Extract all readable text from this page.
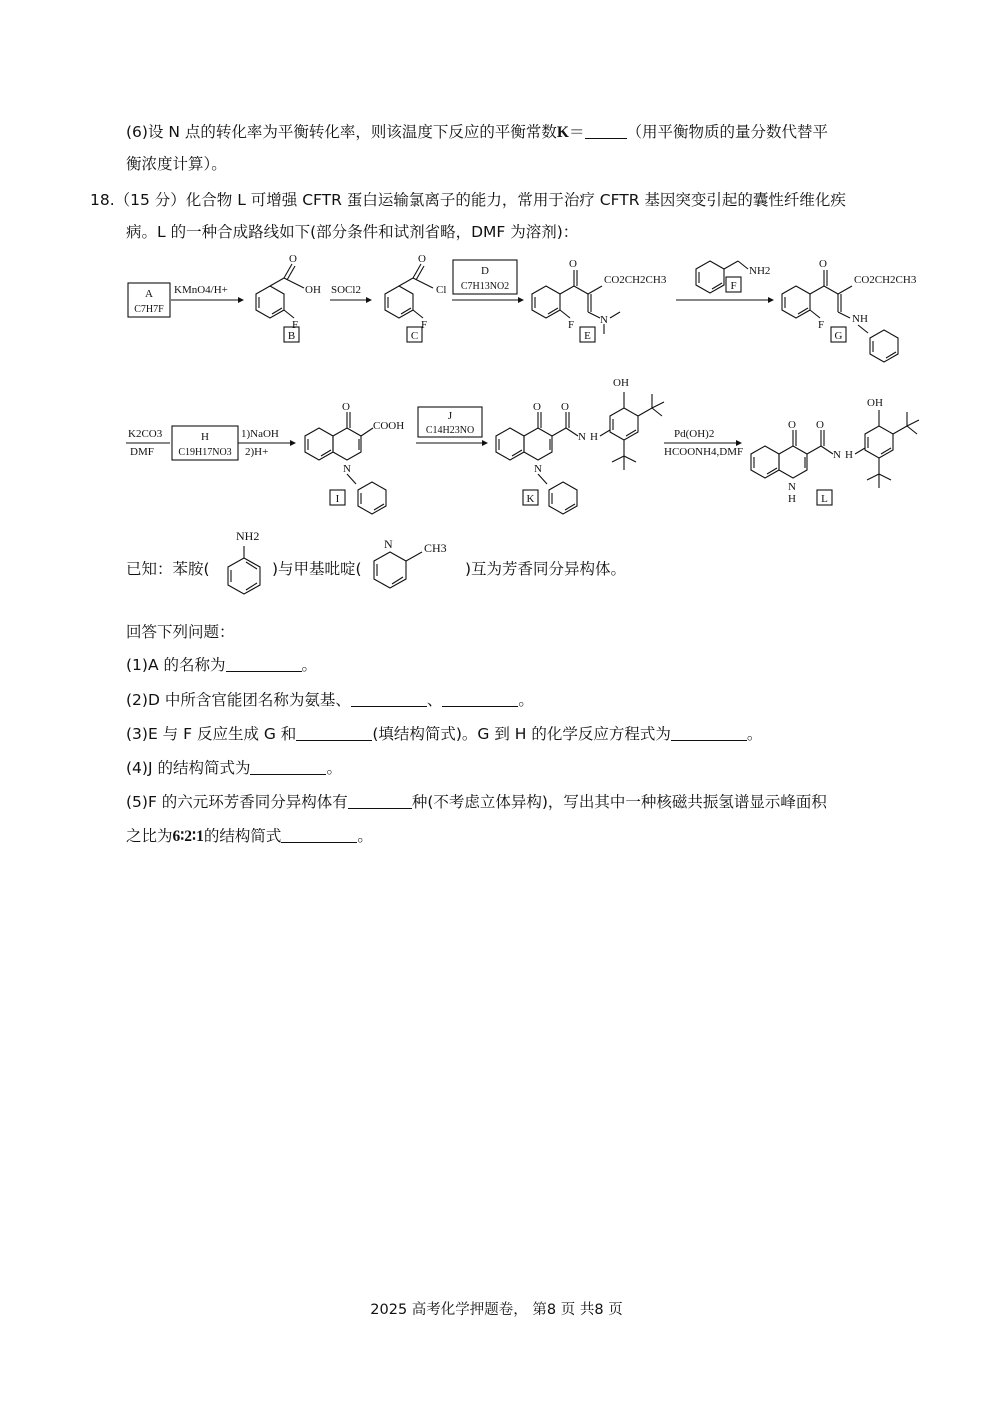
(6)设 N 点的转化率为平衡转化率，则该温度下反应的平衡常数K＝	（用平衡物质的量分数代替平
衡浓度计算）。
18.（15 分）化合物 L 可增强 CFTR 蛋白运输氯离子的能力，常用于治疗 CFTR 基因突变引起的囊性纤维化疾
病。L 的一种合成路线如下(部分条件和试剂省略，DMF 为溶剂)：
A
C7H7F
KMnO4/H+
O
OH
F
B
SOCl2
O
Cl
F
C
D
C7H13NO2
O
CO2CH2CH3
N
F
E
NH2
F
O
CO2CH2CH3
NH
F
G
K2CO3
DMF
H
C19H17NO3
1)NaOH
2)H+
O
COOH
N
I
J
C14H23NO
O O
N H
OH
N
K
Pd(OH)2
HCOONH4,DMF
O O
N H
OH
N
H L
已知：苯胺(
NH2
)与甲基吡啶(
N	CH3
)互为芳香同分异构体。
回答下列问题：
(1)A 的名称为	。
(2)D 中所含官能团名称为氨基、	、	。
(3)E 与 F 反应生成 G 和	(填结构简式)。G 到 H 的化学反应方程式为	。
(4)J 的结构简式为	。
(5)F 的六元环芳香同分异构体有	种(不考虑立体异构)，写出其中一种核磁共振氢谱显示峰面积
之比为6∶2∶1的结构简式	。
2025 高考化学押题卷， 第8 页 共8 页
